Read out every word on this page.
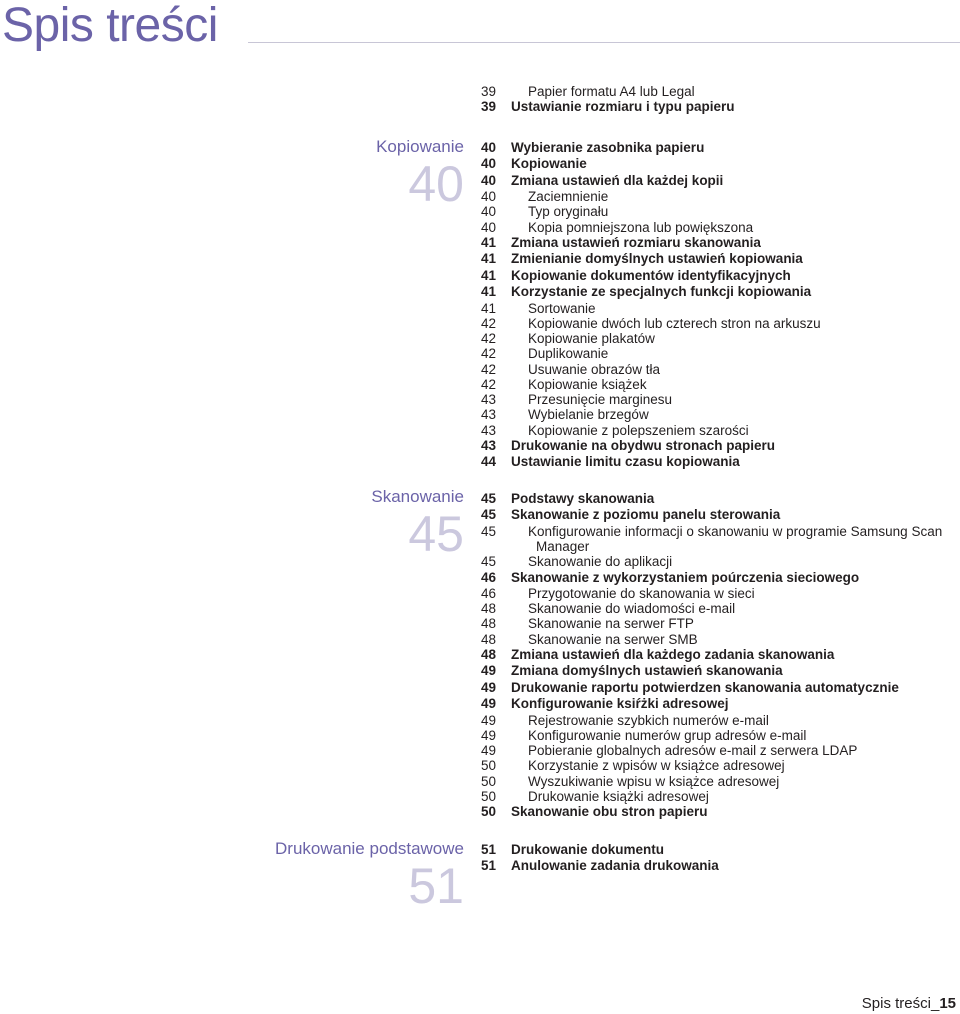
Spis treści
39	Papier formatu A4 lub Legal
39	Ustawianie rozmiaru i typu papieru
Kopiowanie
40
40	Wybieranie zasobnika papieru
40	Kopiowanie
40	Zmiana ustawień dla każdej kopii
40	Zaciemnienie
40	Typ oryginału
40	Kopia pomniejszona lub powiększona
41	Zmiana ustawień rozmiaru skanowania
41	Zmienianie domyślnych ustawień kopiowania
41	Kopiowanie dokumentów identyfikacyjnych
41	Korzystanie ze specjalnych funkcji kopiowania
41	Sortowanie
42	Kopiowanie dwóch lub czterech stron na arkuszu
42	Kopiowanie plakatów
42	Duplikowanie
42	Usuwanie obrazów tła
42	Kopiowanie książek
43	Przesunięcie marginesu
43	Wybielanie brzegów
43	Kopiowanie z polepszeniem szarości
43	Drukowanie na obydwu stronach papieru
44	Ustawianie limitu czasu kopiowania
Skanowanie
45
45	Podstawy skanowania
45	Skanowanie z poziomu panelu sterowania
45	Konfigurowanie informacji o skanowaniu w programie Samsung Scan
Manager
45	Skanowanie do aplikacji
46	Skanowanie z wykorzystaniem poúrczenia sieciowego
46	Przygotowanie do skanowania w sieci
48	Skanowanie do wiadomości e-mail
48	Skanowanie na serwer FTP
48	Skanowanie na serwer SMB
48	Zmiana ustawień dla każdego zadania skanowania
49	Zmiana domyślnych ustawień skanowania
49	Drukowanie raportu potwierdzen skanowania automatycznie
49	Konfigurowanie ksiŕżki adresowej
49	Rejestrowanie szybkich numerów e-mail
49	Konfigurowanie numerów grup adresów e-mail
49	Pobieranie globalnych adresów e-mail z serwera LDAP
50	Korzystanie z wpisów w książce adresowej
50	Wyszukiwanie wpisu w książce adresowej
50	Drukowanie książki adresowej
50	Skanowanie obu stron papieru
Drukowanie podstawowe
51
51	Drukowanie dokumentu
51	Anulowanie zadania drukowania
Spis treści_15
